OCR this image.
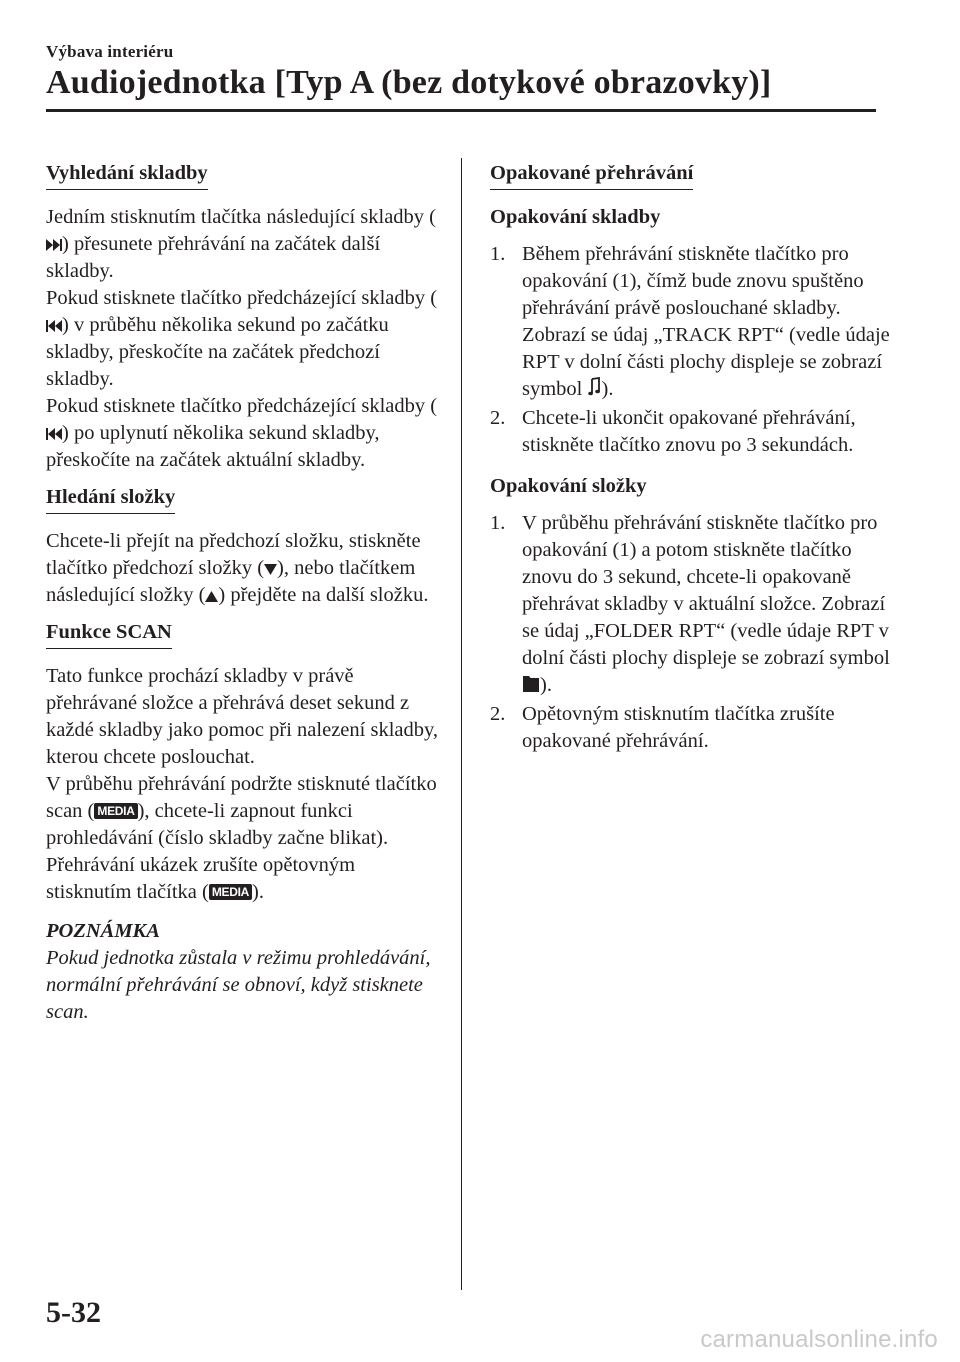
Výbava interiéru
Audiojednotka [Typ A (bez dotykové obrazovky)]
Vyhledání skladby

Jedním stisknutím tlačítka následující skladby () přesunete přehrávání na začátek další skladby.
Pokud stisknete tlačítko předcházející skladby () v průběhu několika sekund po začátku skladby, přeskočíte na začátek předchozí skladby.
Pokud stisknete tlačítko předcházející skladby () po uplynutí několika sekund skladby, přeskočíte na začátek aktuální skladby.

Hledání složky

Chcete-li přejít na předchozí složku, stiskněte tlačítko předchozí složky ( ), nebo tlačítkem následující složky ( ) přejděte na další složku.

Funkce SCAN

Tato funkce prochází skladby v právě přehrávané složce a přehrává deset sekund z každé skladby jako pomoc při nalezení skladby, kterou chcete poslouchat.
V průběhu přehrávání podržte stisknuté tlačítko scan ( MEDIA ), chcete-li zapnout funkci prohledávání (číslo skladby začne blikat). Přehrávání ukázek zrušíte opětovným stisknutím tlačítka ( MEDIA ).

POZNÁMKA
Pokud jednotka zůstala v režimu prohledávání, normální přehrávání se obnoví, když stisknete scan.
Opakované přehrávání
Opakování skladby
1. Během přehrávání stiskněte tlačítko pro opakování (1), čímž bude znovu spuštěno přehrávání právě poslouchané skladby. Zobrazí se údaj „TRACK RPT“ (vedle údaje RPT v dolní části plochy displeje se zobrazí symbol ).
2. Chcete-li ukončit opakované přehrávání, stiskněte tlačítko znovu po 3 sekundách.
Opakování složky
1. V průběhu přehrávání stiskněte tlačítko pro opakování (1) a potom stiskněte tlačítko znovu do 3 sekund, chcete-li opakovaně přehrávat skladby v aktuální složce. Zobrazí se údaj „FOLDER RPT“ (vedle údaje RPT v dolní části plochy displeje se zobrazí symbol ).
2. Opětovným stisknutím tlačítka zrušíte opakované přehrávání.
5-32
carmanualsonline.info
